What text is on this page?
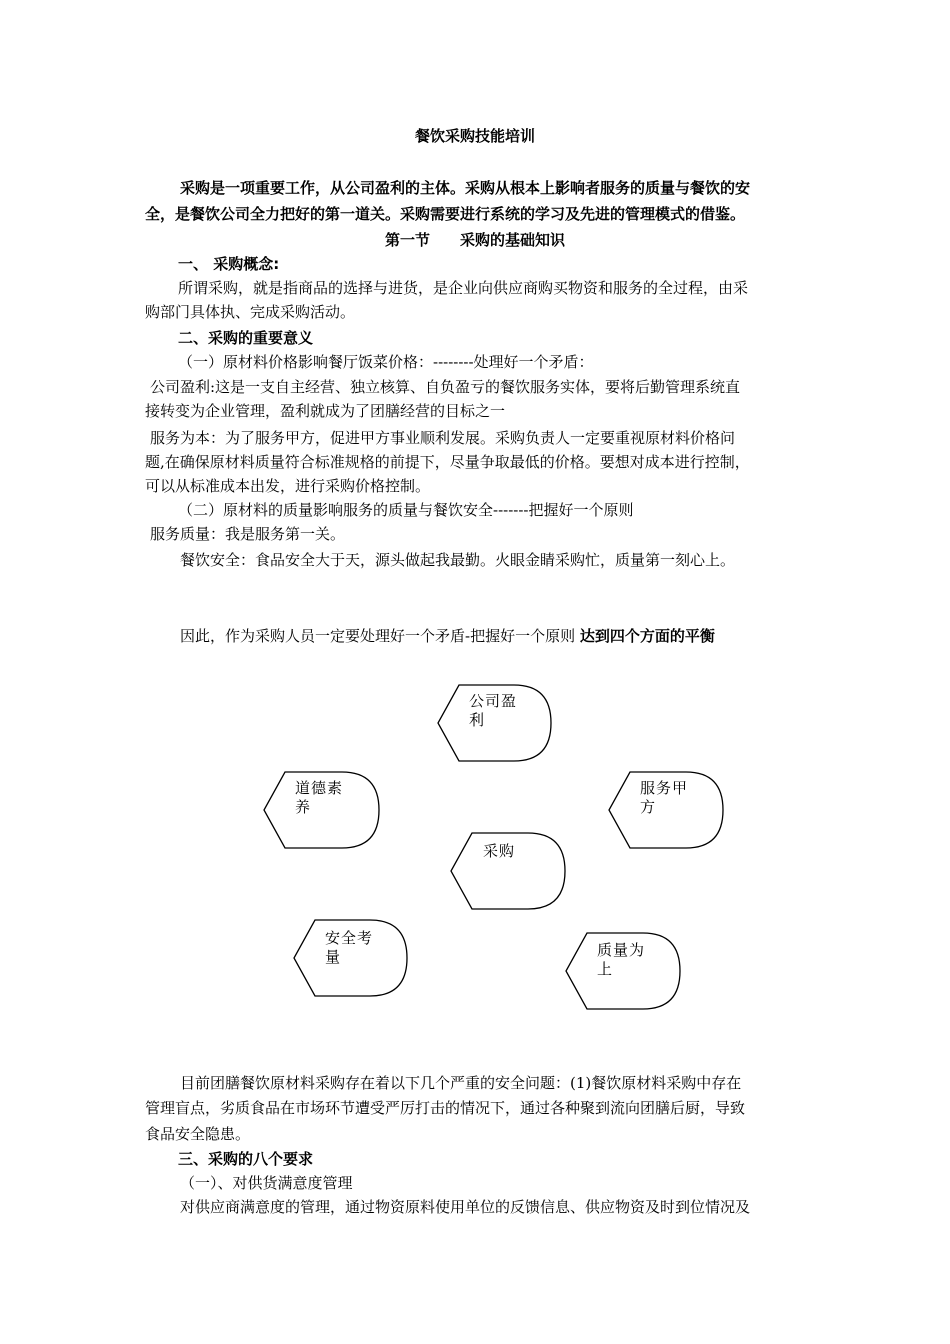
餐饮采购技能培训
采购是一项重要工作，从公司盈利的主体。采购从根本上影响者服务的质量与餐饮的安
全，是餐饮公司全力把好的第一道关。采购需要进行系统的学习及先进的管理模式的借鉴。
第一节　　采购的基础知识
一、 采购概念:
所谓采购，就是指商品的选择与进货，是企业向供应商购买物资和服务的全过程，由采
购部门具体执、完成采购活动。
二、采购的重要意义
（一）原材料价格影响餐厅饭菜价格：--------处理好一个矛盾：
公司盈利:这是一支自主经营、独立核算、自负盈亏的餐饮服务实体，要将后勤管理系统直
接转变为企业管理，盈利就成为了团膳经营的目标之一
服务为本：为了服务甲方，促进甲方事业顺利发展。采购负责人一定要重视原材料价格问
题,在确保原材料质量符合标准规格的前提下，尽量争取最低的价格。要想对成本进行控制，
可以从标准成本出发，进行采购价格控制。
（二）原材料的质量影响服务的质量与餐饮安全-------把握好一个原则
服务质量：我是服务第一关。
餐饮安全：食品安全大于天，源头做起我最勤。火眼金睛采购忙，质量第一刻心上。
因此，作为采购人员一定要处理好一个矛盾-把握好一个原则 达到四个方面的平衡
公司盈利
道德素养
服务甲方
采购
安全考量	质量为上
目前团膳餐饮原材料采购存在着以下几个严重的安全问题：(1)餐饮原材料采购中存在
管理盲点，劣质食品在市场环节遭受严厉打击的情况下，通过各种聚到流向团膳后厨，导致
食品安全隐患。
三、采购的八个要求
（一）、对供货满意度管理
对供应商满意度的管理，通过物资原料使用单位的反馈信息、供应物资及时到位情况及
